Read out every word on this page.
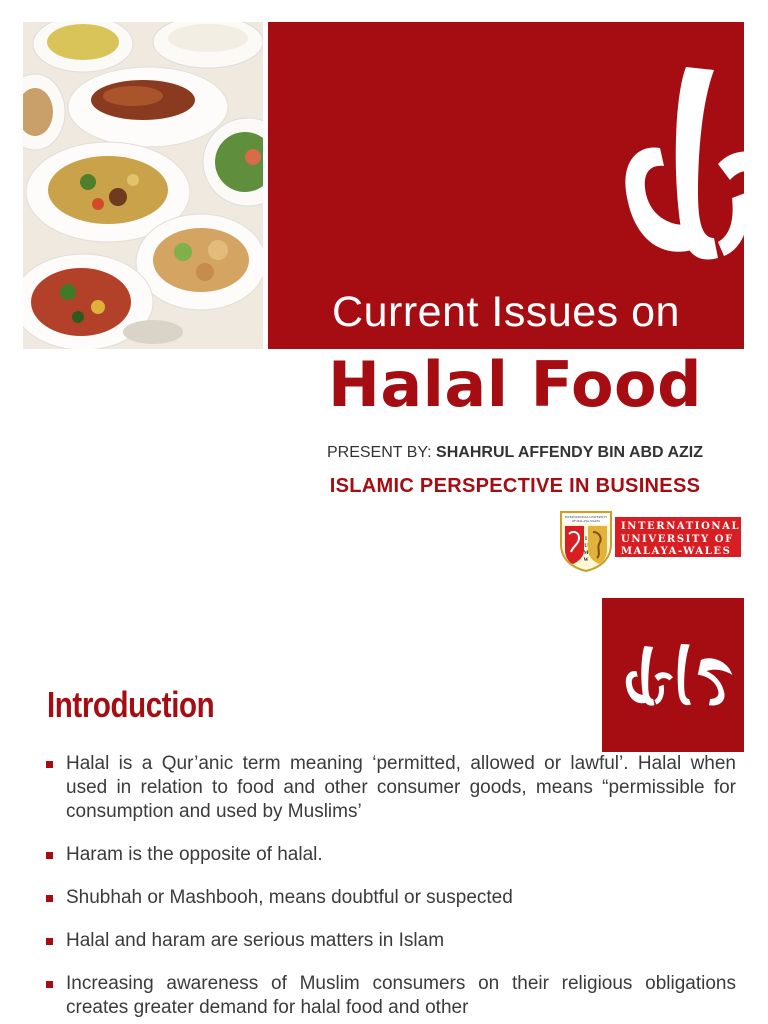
Current Issues on
Halal Food
PRESENT BY: SHAHRUL AFFENDY BIN ABD AZIZ
ISLAMIC PERSPECTIVE IN BUSINESS
INTERNATIONAL UNIVERSITY
OF MALAYA-WALES
I
U
M
W
INTERNATIONAL
UNIVERSITY OF
MALAYA-WALES
Introduction
Halal is a Qur’anic term meaning ‘permitted, allowed or lawful’. Halal when used in relation to food and other consumer goods, means “permissible for consumption and used by Muslims’
Haram is the opposite of halal.
Shubhah or Mashbooh, means doubtful or suspected
Halal and haram are serious matters in Islam
Increasing awareness of Muslim consumers on their religious obligations creates greater demand for halal food and other
